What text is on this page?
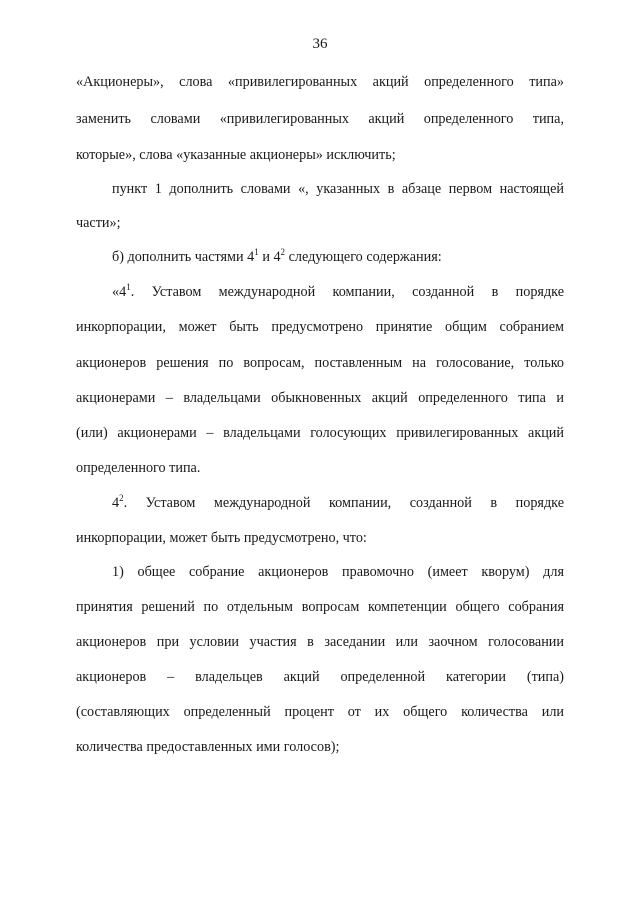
36
«Акционеры», слова «привилегированных акций определенного типа»
заменить словами «привилегированных акций определенного типа,
которые», слова «указанные акционеры» исключить;
пункт 1 дополнить словами «, указанных в абзаце первом настоящей
части»;
б) дополнить частями $4^1$ и $4^2$ следующего содержания:
«$4^1$. Уставом международной компании, созданной в порядке
инкорпорации, может быть предусмотрено принятие общим собранием
акционеров решения по вопросам, поставленным на голосование, только
акционерами – владельцами обыкновенных акций определенного типа и
(или) акционерами – владельцами голосующих привилегированных акций
определенного типа.
$4^2$. Уставом международной компании, созданной в порядке
инкорпорации, может быть предусмотрено, что:
1) общее собрание акционеров правомочно (имеет кворум) для
принятия решений по отдельным вопросам компетенции общего собрания
акционеров при условии участия в заседании или заочном голосовании
акционеров – владельцев акций определенной категории (типа)
(составляющих определенный процент от их общего количества или
количества предоставленных ими голосов);
